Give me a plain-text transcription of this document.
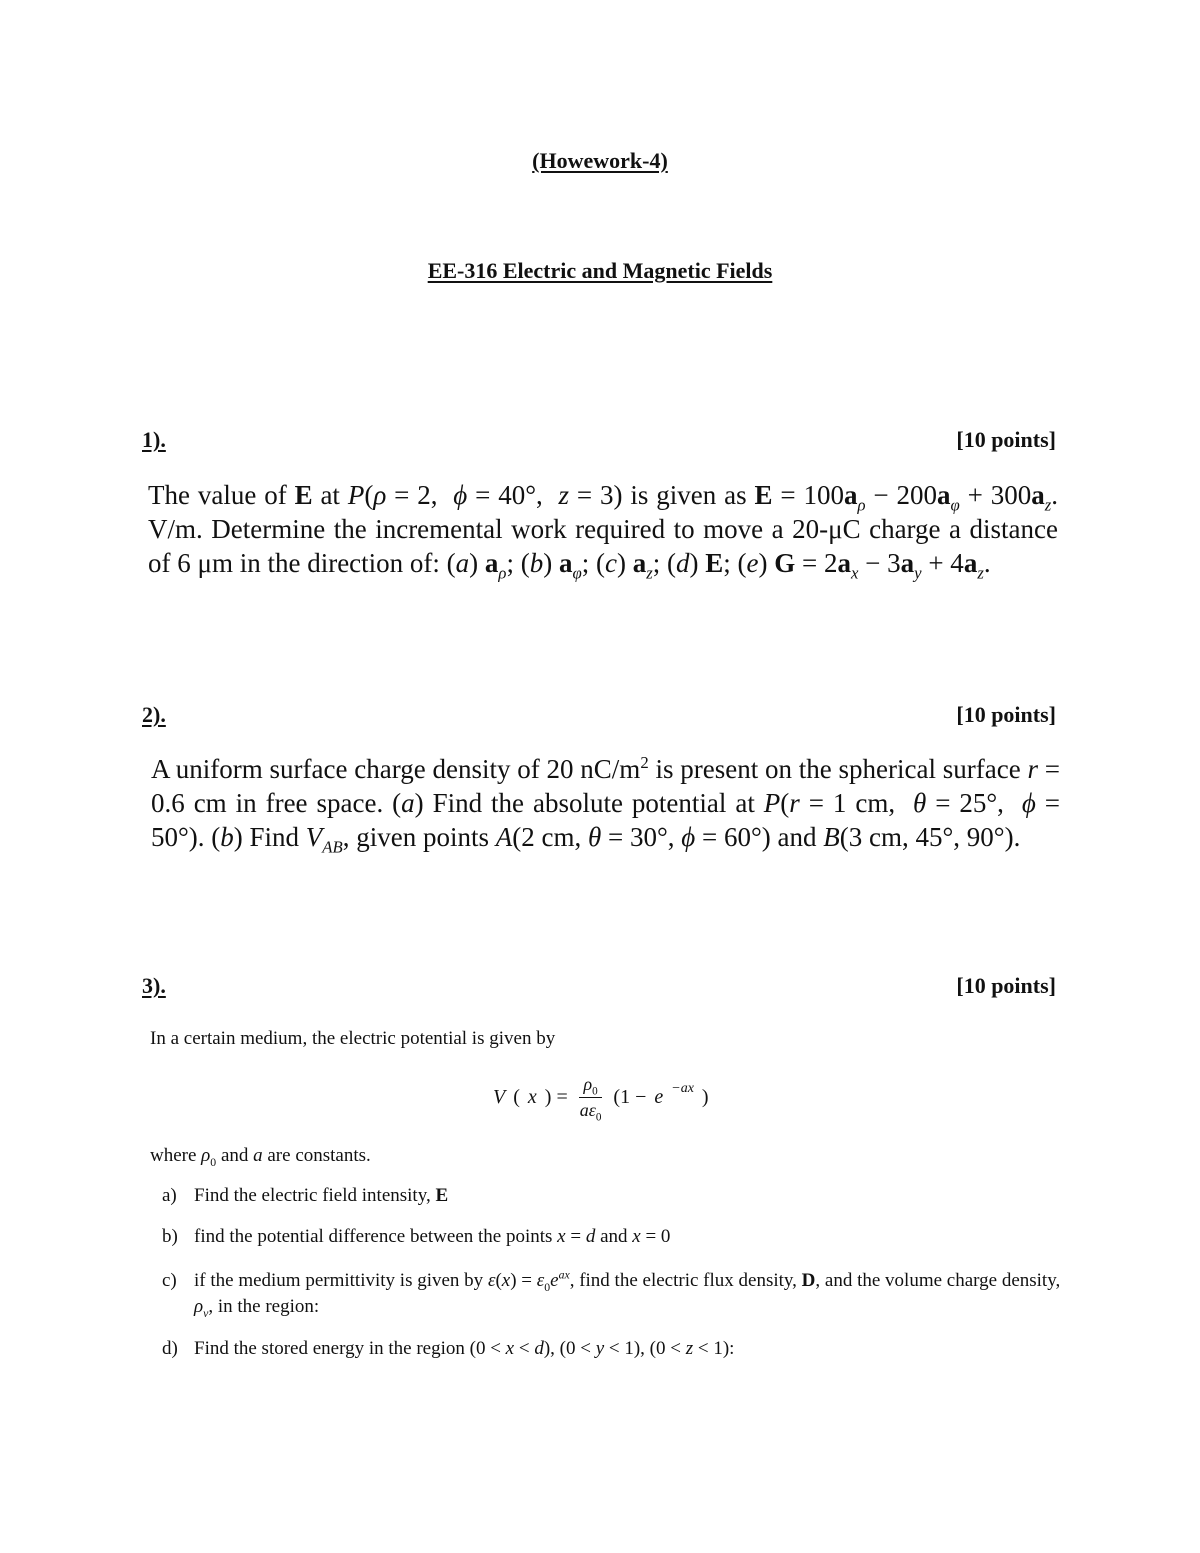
(Howework-4)
EE-316 Electric and Magnetic Fields
1).	[10 points]
The value of E at P(ρ = 2,  ϕ = 40°,  z = 3) is given as $E = 100a_\rho - 200a_\varphi + 300a_z$. V/m. Determine the incremental work required to move a 20-μC charge a distance of 6 μm in the direction of: (a) $a_\rho$; (b) $a_\varphi$; (c) $a_z$; (d) E; (e) $G = 2a_x - 3a_y + 4a_z$.
2).	[10 points]
A uniform surface charge density of 20 $nC/m^2$ is present on the spherical surface r = 0.6 cm in free space. (a) Find the absolute potential at P(r = 1 cm,  θ = 25°,  ϕ = 50°). (b) Find $V_{AB}$, given points A(2 cm, θ = 30°, ϕ = 60°) and B(3 cm, 45°, 90°).
3).	[10 points]
In a certain medium, the electric potential is given by
V ( x ) = $\frac{\rho_0}{a\varepsilon_0} (1 - e -ax$ )
where $\rho_0$ and a are constants.
a) Find the electric field intensity, E
b) find the potential difference between the points x = d and x = 0
c) if the medium permittivity is given by $\varepsilon(x) = \varepsilon_0e^{ax}$, find the electric flux density, D, and the volume charge density, $\rho_v$, in the region:
d) Find the stored energy in the region (0 < x < d), (0 < y < 1), (0 < z < 1):
